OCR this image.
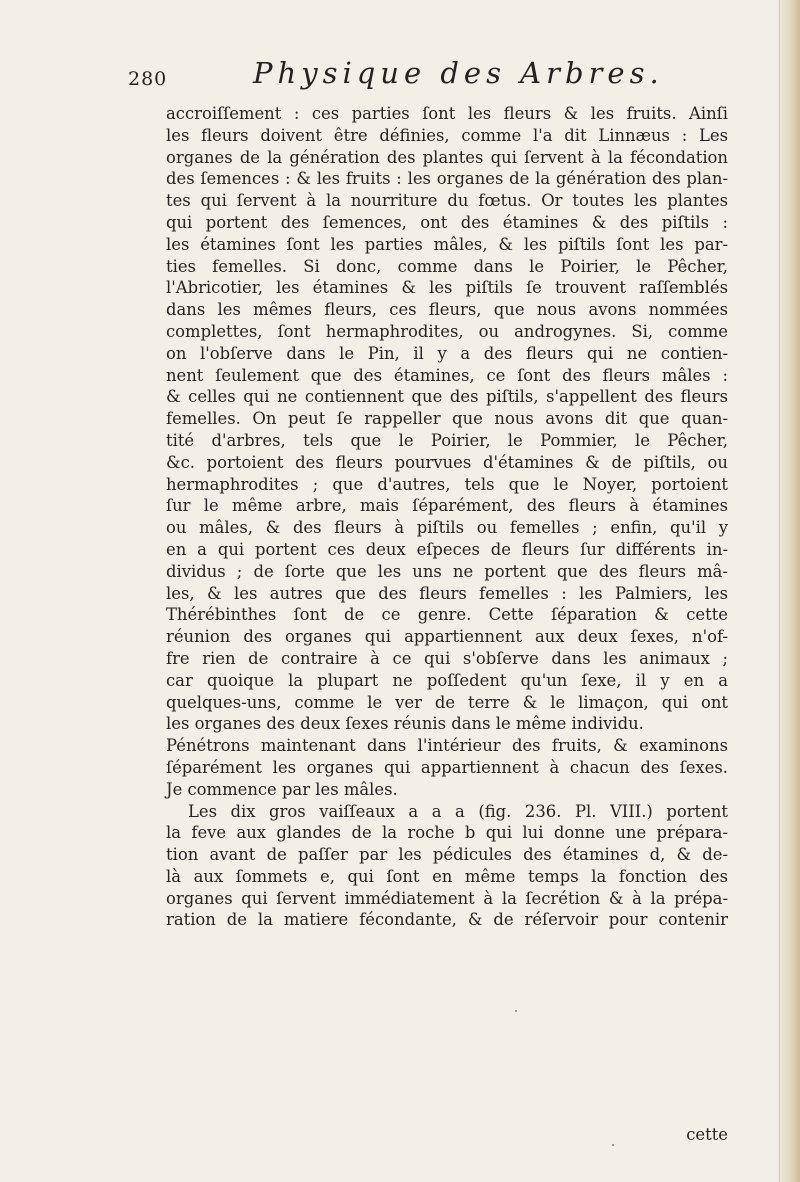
280	Physique des Arbres.
accroiſſement : ces parties ſont les fleurs & les fruits. Ainſi
les fleurs doivent être définies, comme l'a dit Linnæus : Les
organes de la génération des plantes qui ſervent à la fécondation
des ſemences : & les fruits : les organes de la génération des plan-
tes qui ſervent à la nourriture du fœtus. Or toutes les plantes
qui portent des ſemences, ont des étamines & des piſtils :
les étamines ſont les parties mâles, & les piſtils ſont les par-
ties femelles. Si donc, comme dans le Poirier, le Pêcher,
l'Abricotier, les étamines & les piſtils ſe trouvent raſſemblés
dans les mêmes fleurs, ces fleurs, que nous avons nommées
complettes, ſont hermaphrodites, ou androgynes. Si, comme
on l'obſerve dans le Pin, il y a des fleurs qui ne contien-
nent ſeulement que des étamines, ce ſont des fleurs mâles :
& celles qui ne contiennent que des piſtils, s'appellent des fleurs
femelles. On peut ſe rappeller que nous avons dit que quan-
tité d'arbres, tels que le Poirier, le Pommier, le Pêcher,
&c. portoient des fleurs pourvues d'étamines & de piſtils, ou
hermaphrodites ; que d'autres, tels que le Noyer, portoient
ſur le même arbre, mais ſéparément, des fleurs à étamines
ou mâles, & des fleurs à piſtils ou femelles ; enfin, qu'il y
en a qui portent ces deux eſpeces de fleurs ſur différents in-
dividus ; de ſorte que les uns ne portent que des fleurs mâ-
les, & les autres que des fleurs femelles : les Palmiers, les
Thérébinthes ſont de ce genre. Cette ſéparation & cette
réunion des organes qui appartiennent aux deux ſexes, n'of-
fre rien de contraire à ce qui s'obſerve dans les animaux ;
car quoique la plupart ne poſſedent qu'un ſexe, il y en a
quelques-uns, comme le ver de terre & le limaçon, qui ont
les organes des deux ſexes réunis dans le même individu.
Pénétrons maintenant dans l'intérieur des fruits, & examinons
ſéparément les organes qui appartiennent à chacun des ſexes.
Je commence par les mâles.
Les dix gros vaiſſeaux a a a (fig. 236. Pl. VIII.) portent
la feve aux glandes de la roche b qui lui donne une prépara-
tion avant de paſſer par les pédicules des étamines d, & de-
là aux ſommets e, qui ſont en même temps la fonction des
organes qui ſervent immédiatement à la ſecrétion & à la prépa-
ration de la matiere fécondante, & de réſervoir pour contenir
cette
